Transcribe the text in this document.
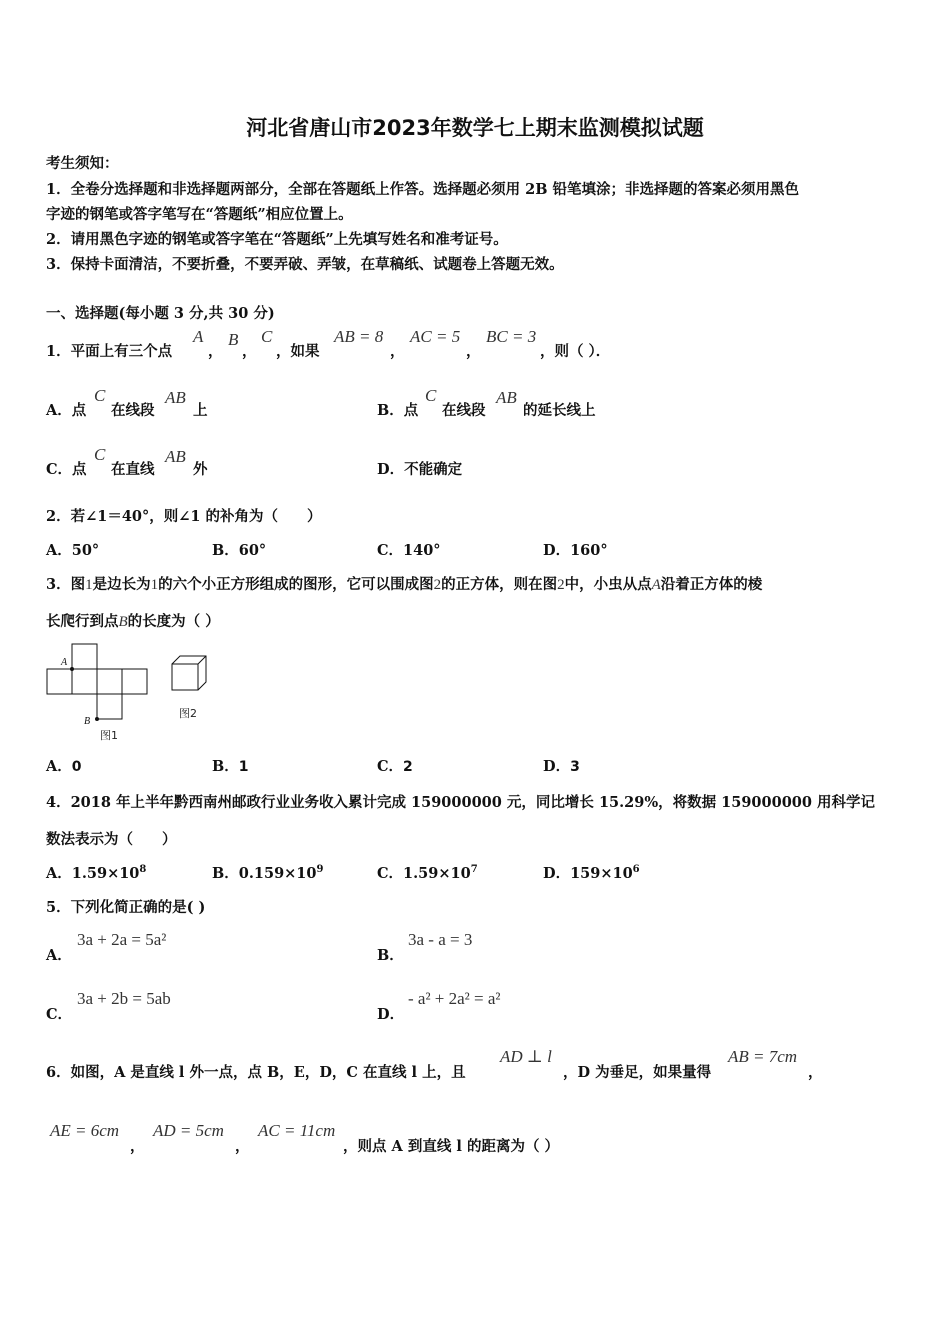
河北省唐山市2023年数学七上期末监测模拟试题
考生须知：
1．全卷分选择题和非选择题两部分，全部在答题纸上作答。选择题必须用 2B 铅笔填涂；非选择题的答案必须用黑色
字迹的钢笔或答字笔写在“答题纸”相应位置上。
2．请用黑色字迹的钢笔或答字笔在“答题纸”上先填写姓名和准考证号。
3．保持卡面清洁，不要折叠，不要弄破、弄皱，在草稿纸、试题卷上答题无效。
一、选择题(每小题 3 分,共 30 分)
1．平面上有三个点
A
，
B
，
C
，如果
AB = 8
，
AC = 5
，
BC = 3
，则（ ）．
A．点
C
在线段
AB
上	B．点
C
在线段
AB
的延长线上
C．点
C
在直线
AB
外	D．不能确定
2．若∠1＝40°，则∠1 的补角为（　　）
A．50°	B．60°	C．140°	D．160°
3．图1是边长为1的六个小正方形组成的图形，它可以围成图2的正方体，则在图2中，小虫从点A沿着正方体的棱
长爬行到点B的长度为（ ）
A
B
图1
图2
A．0	B．1	C．2	D．3
4．2018 年上半年黔西南州邮政行业业务收入累计完成 159000000 元，同比增长 15.29%，将数据 159000000 用科学记
数法表示为（　　）
A．$1.59\times 10^8$	B．$0.159\times 10^9$	C．$1.59\times 10^7$	D．$159\times 10^6$
5．下列化简正确的是( )
A．
3a + 2a = 5a²
B．
3a - a = 3
C．
3a + 2b = 5ab
D．
- a² + 2a² = a²
6．如图，A 是直线 l 外一点，点 B，E，D，C 在直线 l 上，且
AD ⊥ l
，D 为垂足，如果量得
AB = 7cm
，
AE = 6cm
，
AD = 5cm
，
AC = 11cm
，则点 A 到直线 l 的距离为（ ）
